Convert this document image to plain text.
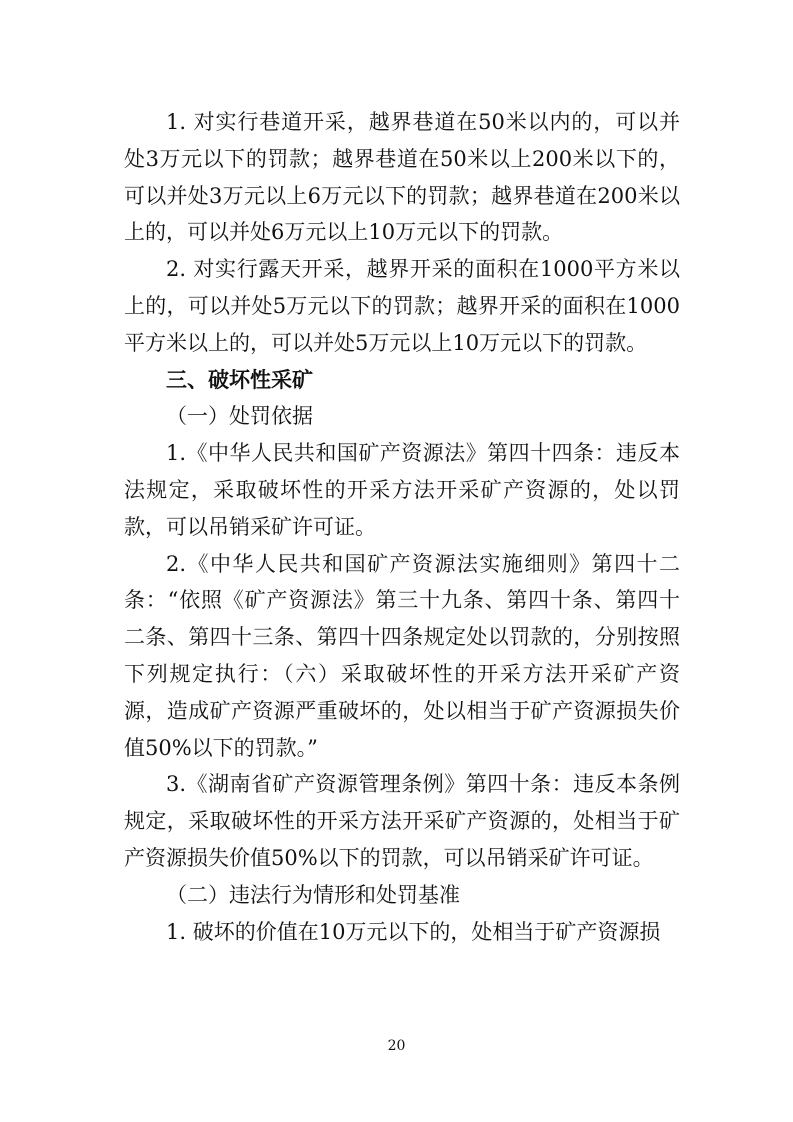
1. 对实行巷道开采，越界巷道在50米以内的，可以并处3万元以下的罚款；越界巷道在50米以上200米以下的，可以并处3万元以上6万元以下的罚款；越界巷道在200米以上的，可以并处6万元以上10万元以下的罚款。

2. 对实行露天开采，越界开采的面积在1000平方米以上的，可以并处5万元以下的罚款；越界开采的面积在1000平方米以上的，可以并处5万元以上10万元以下的罚款。

三、破坏性采矿

（一）处罚依据

1.《中华人民共和国矿产资源法》第四十四条：违反本法规定，采取破坏性的开采方法开采矿产资源的，处以罚款，可以吊销采矿许可证。

2.《中华人民共和国矿产资源法实施细则》第四十二条：“依照《矿产资源法》第三十九条、第四十条、第四十二条、第四十三条、第四十四条规定处以罚款的，分别按照下列规定执行：（六）采取破坏性的开采方法开采矿产资源，造成矿产资源严重破坏的，处以相当于矿产资源损失价值50%以下的罚款。”

3.《湖南省矿产资源管理条例》第四十条：违反本条例规定，采取破坏性的开采方法开采矿产资源的，处相当于矿产资源损失价值50%以下的罚款，可以吊销采矿许可证。

（二）违法行为情形和处罚基准

1. 破坏的价值在10万元以下的，处相当于矿产资源损

20
